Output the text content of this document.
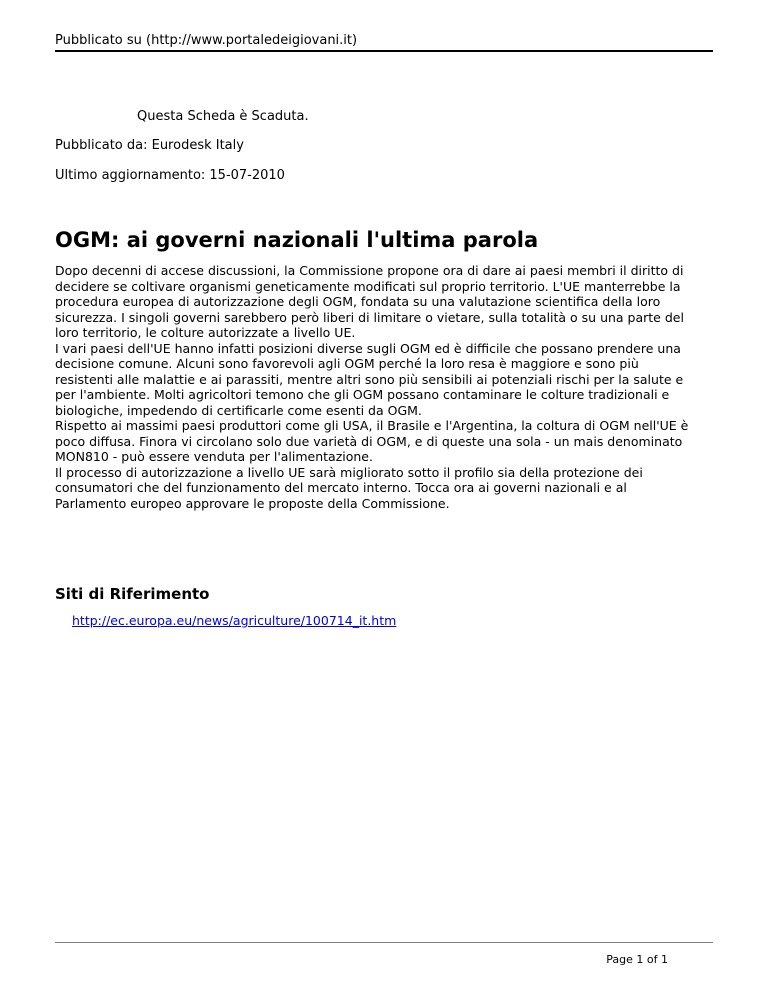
Pubblicato su (http://www.portaledeigiovani.it)
Questa Scheda è Scaduta.
Pubblicato da: Eurodesk Italy
Ultimo aggiornamento: 15-07-2010
OGM: ai governi nazionali l'ultima parola
Dopo decenni di accese discussioni, la Commissione propone ora di dare ai paesi membri il diritto di
decidere se coltivare organismi geneticamente modificati sul proprio territorio. L'UE manterrebbe la
procedura europea di autorizzazione degli OGM, fondata su una valutazione scientifica della loro
sicurezza. I singoli governi sarebbero però liberi di limitare o vietare, sulla totalità o su una parte del
loro territorio, le colture autorizzate a livello UE.
I vari paesi dell'UE hanno infatti posizioni diverse sugli OGM ed è difficile che possano prendere una
decisione comune. Alcuni sono favorevoli agli OGM perché la loro resa è maggiore e sono più
resistenti alle malattie e ai parassiti, mentre altri sono più sensibili ai potenziali rischi per la salute e
per l'ambiente. Molti agricoltori temono che gli OGM possano contaminare le colture tradizionali e
biologiche, impedendo di certificarle come esenti da OGM.
Rispetto ai massimi paesi produttori come gli USA, il Brasile e l'Argentina, la coltura di OGM nell'UE è
poco diffusa. Finora vi circolano solo due varietà di OGM, e di queste una sola - un mais denominato
MON810 - può essere venduta per l'alimentazione.
Il processo di autorizzazione a livello UE sarà migliorato sotto il profilo sia della protezione dei
consumatori che del funzionamento del mercato interno. Tocca ora ai governi nazionali e al
Parlamento europeo approvare le proposte della Commissione.
Siti di Riferimento
http://ec.europa.eu/news/agriculture/100714_it.htm
Page 1 of 1
